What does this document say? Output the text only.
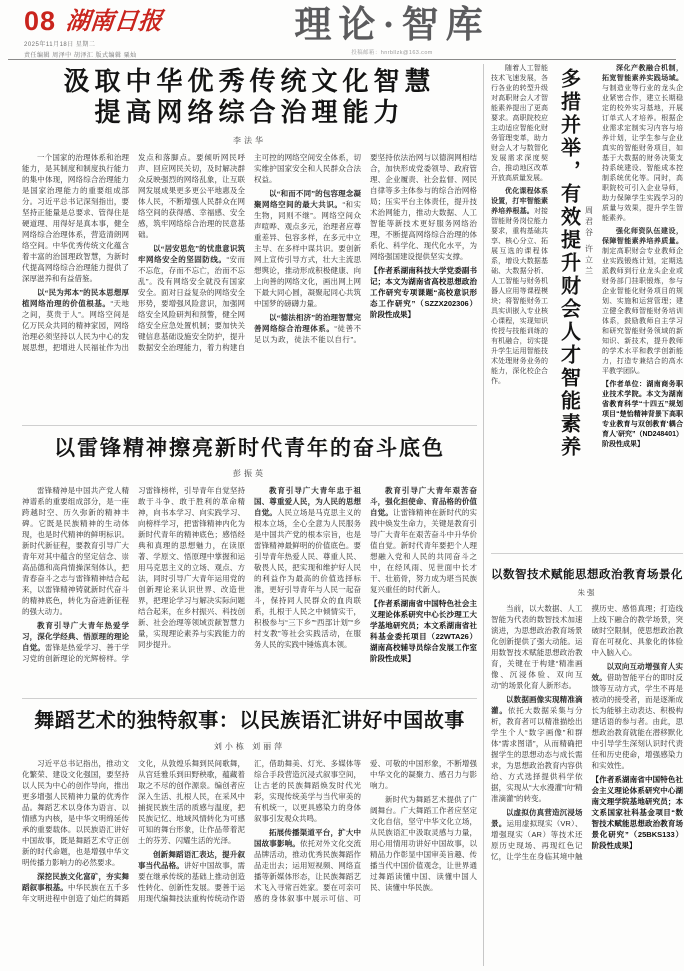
08 湖南日报
2025年11月18日 星期二
责任编辑 周泽中 胡泽汇 版式编辑 粟灿
理论·智库
投稿邮箱：hnrbllzk@163.com
汲取中华优秀传统文化智慧
提高网络综合治理能力
李法华

一个国家的治理体系和治理能力，是其制度和制度执行能力的集中体现，网络综合治理能力是国家治理能力的重要组成部分。习近平总书记深刻指出，要坚持正能量是总要求、管得住是硬道理、用得好是真本事，健全网络综合治理体系，营造清朗网络空间。中华优秀传统文化蕴含着丰富的治国理政智慧，为新时代提高网络综合治理能力提供了深厚滋养和有益借鉴。

以“民为邦本”的民本思想厚植网络治理的价值根基。“天地之间，莫贵于人”。网络空间是亿万民众共同的精神家园，网络治理必须坚持以人民为中心的发展思想，把增进人民福祉作为出发点和落脚点。要倾听网民呼声、回应网民关切，及时解决群众反映强烈的网络乱象，让互联网发展成果更多更公平地惠及全体人民，不断增强人民群众在网络空间的获得感、幸福感、安全感，筑牢网络综合治理的民意基础。

以“居安思危”的忧患意识筑牢网络安全的坚固防线。“安而不忘危，存而不忘亡，治而不忘乱”。没有网络安全就没有国家安全。面对日益复杂的网络安全形势，要增强风险意识，加强网络安全风险研判和预警，健全网络安全应急处置机制；要加快关键信息基础设施安全防护，提升数据安全治理能力，着力构建自主可控的网络空间安全体系，切实维护国家安全和人民群众合法权益。

以“和而不同”的包容理念凝聚网络空间的最大共识。“和实生物，同则不继”。网络空间众声喧哗、观点多元，治理者应尊重差异、包容多样，在多元中立主导、在多样中谋共识。要创新网上宣传引导方式，壮大主流思想舆论，推动形成积极健康、向上向善的网络文化，画出网上网下最大同心圆，凝聚起同心共筑中国梦的磅礴力量。

以“德法相济”的治理智慧完善网络综合治理体系。“徒善不足以为政，徒法不能以自行”。要坚持依法治网与以德润网相结合，加快形成党委领导、政府管理、企业履责、社会监督、网民自律等多主体参与的综合治网格局；压实平台主体责任，提升技术治网能力，推动大数据、人工智能等新技术更好服务网络治理，不断提高网络综合治理的体系化、科学化、现代化水平，为网络强国建设提供坚实支撑。

【作者系湖南科技大学党委副书记；本文为湖南省高校思想政治工作研究专项课题“高校意识形态工作研究”（SZZX202306）阶段性成果】

以雷锋精神擦亮新时代青年的奋斗底色
彭振英

雷锋精神是中国共产党人精神谱系的重要组成部分，是一座跨越时空、历久弥新的精神丰碑。它既是民族精神的生动体现，也是时代精神的鲜明标识。新时代新征程，要教育引导广大青年对其中蕴含的坚定信念、崇高品德和高尚情操深刻体认，把青春奋斗之志与雷锋精神结合起来，以雷锋精神铸就新时代奋斗的精神底色，转化为奋进新征程的强大动力。

教育引导广大青年热爱学习，深化学经典、悟原理的理论自觉。雷锋是热爱学习、善于学习党的创新理论的光辉榜样。学习雷锋榜样，引导青年自觉坚持敢于斗争、敢于胜利的革命精神，向书本学习、向实践学习、向榜样学习，把雷锋精神内化为新时代青年的精神底色；感悟经典和真理的思想魅力，在读原著、学原文、悟原理中掌握和运用马克思主义的立场、观点、方法，同时引导广大青年运用党的创新理论来认识世界、改造世界，把理论学习与解决实际问题结合起来，在乡村振兴、科技创新、社会治理等领域贡献智慧力量，实现理论素养与实践能力的同步提升。

教育引导广大青年忠于祖国、尊重爱人民，为人民的思想自觉。人民立场是马克思主义的根本立场，全心全意为人民服务是中国共产党的根本宗旨，也是雷锋精神最鲜明的价值底色。要引导青年热爱人民、尊重人民、敬畏人民，把实现和维护好人民的利益作为最高的价值选择标准，更好引导青年与人民一起奋斗，保持同人民群众的血肉联系，扎根于人民之中倾情实干，积极参与“三下乡”“西部计划”“乡村支教”等社会实践活动，在服务人民的实践中锤炼真本领。

教育引导广大青年艰苦奋斗，强化担使命、育品格的价值自觉。让雷锋精神在新时代的实践中焕发生命力，关键是教育引导广大青年在艰苦奋斗中升华价值自觉。新时代青年要把个人理想融入党和人民的共同奋斗之中，在经风雨、见世面中长才干、壮筋骨，努力成为堪当民族复兴重任的时代新人。

【作者系湖南省中国特色社会主义理论体系研究中心长沙理工大学基地研究员；本文系湖南省社科基金委托项目（22WTA26）湖南高校辅导员综合发展工作室阶段性成果】

舞蹈艺术的独特叙事：以民族语汇讲好中国故事
刘小栋 刘丽萍

习近平总书记指出，推动文化繁荣、建设文化强国，要坚持以人民为中心的创作导向，推出更多增强人民精神力量的优秀作品。舞蹈艺术以身体为语言、以情感为内核，是中华文明绵延传承的重要载体。以民族语汇讲好中国故事，既是舞蹈艺术守正创新的时代命题，也是增强中华文明传播力影响力的必然要求。

深挖民族文化富矿，夯实舞蹈叙事根基。中华民族在五千多年文明进程中创造了灿烂的舞蹈文化，从敦煌乐舞到民间歌舞，从宫廷雅乐到田野秧歌，蕴藏着取之不尽的创作源泉。编创者应深入生活、扎根人民，在采风中捕捉民族生活的质感与温度，把民族记忆、地域风情转化为可感可知的舞台形象，让作品带着泥土的芬芳、闪耀生活的光泽。

创新舞蹈语汇表达，提升叙事当代品格。讲好中国故事，需要在继承传统的基础上推动创造性转化、创新性发展。要善于运用现代编舞技法重构传统动作语汇，借助舞美、灯光、多媒体等综合手段营造沉浸式叙事空间，让古老的民族舞蹈焕发时代光彩，实现传统美学与当代审美的有机统一，以更具感染力的身体叙事引发观众共鸣。

拓展传播渠道平台，扩大中国故事影响。依托对外文化交流品牌活动，推动优秀民族舞蹈作品走出去；运用短视频、网络直播等新媒体形态，让民族舞蹈艺术飞入寻常百姓家。要在可亲可感的身体叙事中展示可信、可爱、可敬的中国形象，不断增强中华文化的凝聚力、感召力与影响力。

新时代为舞蹈艺术提供了广阔舞台。广大舞蹈工作者应坚定文化自信，坚守中华文化立场，从民族语汇中汲取灵感与力量，用心用情用功讲好中国故事，以精品力作彰显中国审美旨趣、传播当代中国价值观念，让世界通过舞蹈读懂中国、读懂中国人民、读懂中华民族。

随着人工智能技术飞速发展，各行各业的转型升级对高职财会人才智能素养提出了更高要求。高职院校应主动适应智能化财务管理变革，助力财会人才与数智化发展需求深度契合，推动地区改革开放高质量发展。

优化课程体系设置，打牢智能素养培养根基。对接智能财务岗位能力要求，重构基础共享、核心分立、拓展互选的课程体系，增设大数据基础、大数据分析、人工智能与财务机器人应用等课程模块；将智能财务工具实训嵌入专业核心课程，实现知识传授与技能训练的有机融合，切实提升学生运用智能技术处理财务业务的能力，深化校企合作。	多措并举，有效提升财会人才智能素养 周君谷 许立兰

深化产教融合机制，拓宽智能素养实践场域。与制造业等行业的龙头企业紧密合作，建立长期稳定的校外实习基地，开展订单式人才培养。根据企业需求定制实习内容与培养计划，让学生参与企业真实的智能财务项目，如基于大数据的财务决策支持系统建设、智能成本控制系统优化等。同时，高职院校可引入企业导师，助力保障学生实践学习的质量与效果，提升学生智能素养。

强化师资队伍建设，保障智能素养培养质量。制定高职财会专业教师企业实践锻炼计划，定期选派教师到行业龙头企业或财务部门挂职锻炼，参与企业智能化财务项目的规划、实施和运营管理；建立健全教师智能财务培训体系，鼓励教师自主学习和研究智能财务领域的新知识、新技术，提升教师的学术水平和教学创新能力，打造专兼结合的高水平教学团队。

【作者单位：湖南商务职业技术学院。本文为湖南省教育科学“十四五”规划项目“楚怡精神背景下高职专业教育与双创教育‘耦合育人’研究”（ND248401）阶段性成果】

以数智技术赋能思想政治教育场景化
朱强

当前，以大数据、人工智能为代表的数智技术加速演进，为思想政治教育场景化创新提供了强大动能。运用数智技术赋能思想政治教育，关键在于构建“精准画像、沉浸体验、双向互动”的场景化育人新形态。

以数据画像实现精准滴灌。依托大数据采集与分析，教育者可以精准描绘出学生个人“数字画像”和群体“需求图谱”，从而精确把握学生的思想动态与成长需求，为思想政治教育内容供给、方式选择提供科学依据，实现从“大水漫灌”向“精准滴灌”的转变。

以虚拟仿真营造沉浸场景。运用虚拟现实（VR）、增强现实（AR）等技术还原历史现场、再现红色记忆，让学生在身临其境中触摸历史、感悟真理；打造线上线下融合的教学场景，突破时空限制，使思想政治教育在可视化、具象化的体验中入脑入心。

以双向互动增强育人实效。借助智能平台的即时反馈等互动方式，学生不再是被动的接受者，而是逐渐成长为能够主动表达、积极构建话语的参与者。由此，思想政治教育就能在潜移默化中引导学生深刻认识时代责任和历史使命，增强感染力和实效性。

【作者系湖南省中国特色社会主义理论体系研究中心湖南文理学院基地研究员；本文系国家社科基金项目“数智技术赋能思想政治教育场景化研究”（25BKS133）阶段性成果】
